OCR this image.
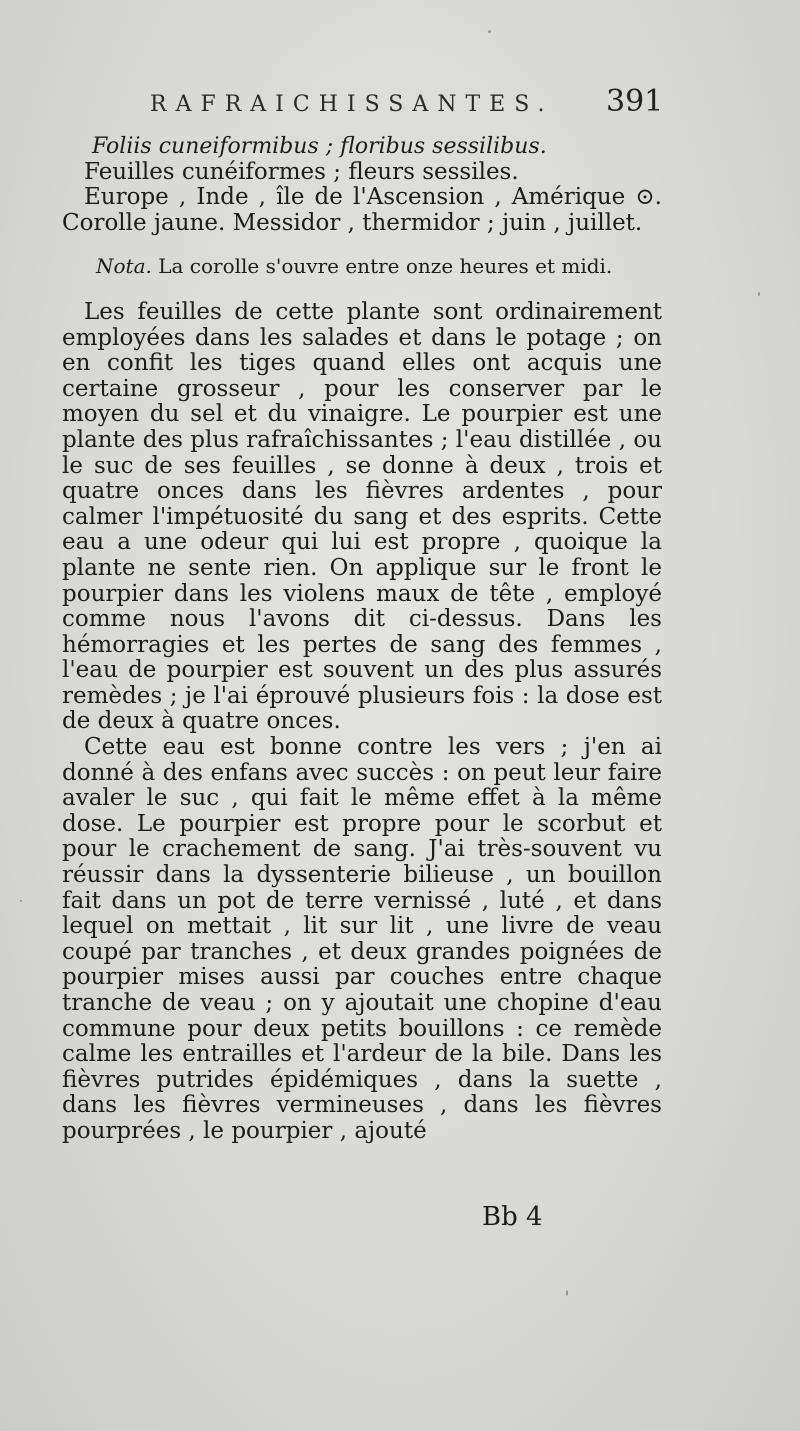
RAFRAICHISSANTES.	391

Foliis cuneiformibus ; floribus sessilibus.

Feuilles cunéiformes ; fleurs sessiles.

Europe , Inde , île de l'Ascension , Amérique ⊙. Corolle jaune. Messidor , thermidor ; juin , juillet.

Nota. La corolle s'ouvre entre onze heures et midi.

Les feuilles de cette plante sont ordinairement employées dans les salades et dans le potage ; on en confit les tiges quand elles ont acquis une certaine grosseur , pour les conserver par le moyen du sel et du vinaigre. Le pourpier est une plante des plus rafraîchissantes ; l'eau distillée , ou le suc de ses feuilles , se donne à deux , trois et quatre onces dans les fièvres ardentes , pour calmer l'impétuosité du sang et des esprits. Cette eau a une odeur qui lui est propre , quoique la plante ne sente rien. On applique sur le front le pourpier dans les violens maux de tête , employé comme nous l'avons dit ci-dessus. Dans les hémorragies et les pertes de sang des femmes , l'eau de pourpier est souvent un des plus assurés remèdes ; je l'ai éprouvé plusieurs fois : la dose est de deux à quatre onces.

Cette eau est bonne contre les vers ; j'en ai donné à des enfans avec succès : on peut leur faire avaler le suc , qui fait le même effet à la même dose. Le pourpier est propre pour le scorbut et pour le crachement de sang. J'ai très-souvent vu réussir dans la dyssenterie bilieuse , un bouillon fait dans un pot de terre vernissé , luté , et dans lequel on mettait , lit sur lit , une livre de veau coupé par tranches , et deux grandes poignées de pourpier mises aussi par couches entre chaque tranche de veau ; on y ajoutait une chopine d'eau commune pour deux petits bouillons : ce remède calme les entrailles et l'ardeur de la bile. Dans les fièvres putrides épidémiques , dans la suette , dans les fièvres vermineuses , dans les fièvres pourprées , le pourpier , ajouté

Bb 4
